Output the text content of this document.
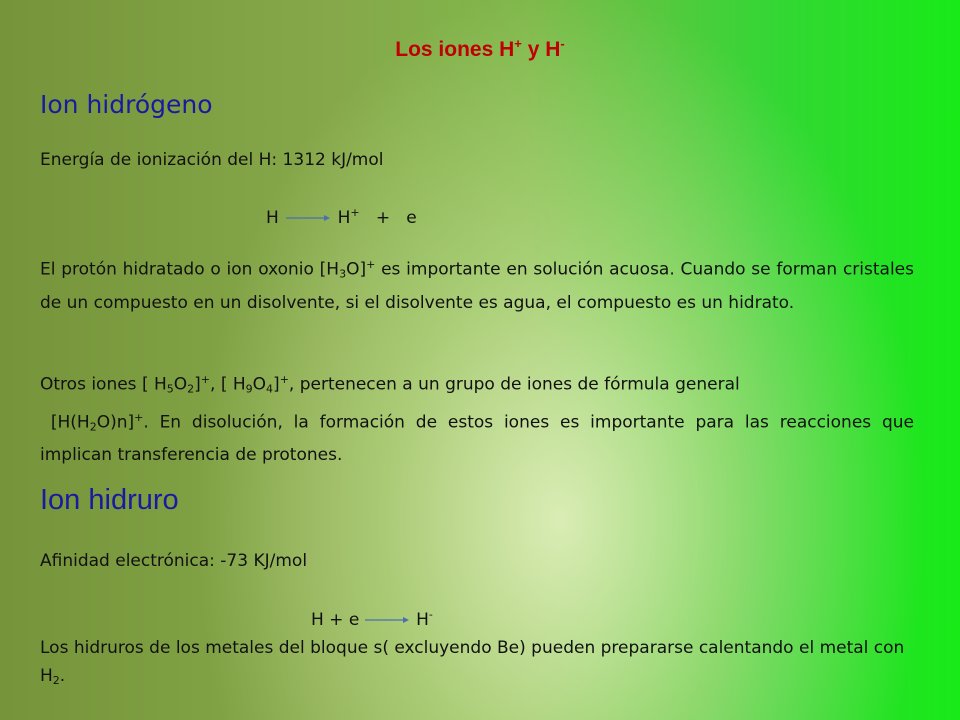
Los iones H+ y H-
Ion hidrógeno
Energía de ionización del H: 1312 kJ/mol
H	H+   +   e
El protón hidratado o ion oxonio $[H_3O]^+$ es importante en solución acuosa. Cuando se forman cristales de un compuesto en un disolvente, si el disolvente es agua, el compuesto es un hidrato.
Otros iones [ $H_5O_2]^+$, [ $H_9O_4]^+$, pertenecen a un grupo de iones de fórmula general
$[H(H_2O)n]^+$. En disolución, la formación de estos iones es importante para las reacciones que implican transferencia de protones.
Ion hidruro
Afinidad electrónica: -73 KJ/mol
H + e	H-
Los hidruros de los metales del bloque s( excluyendo Be) pueden prepararse calentando el metal con $H_2$.
